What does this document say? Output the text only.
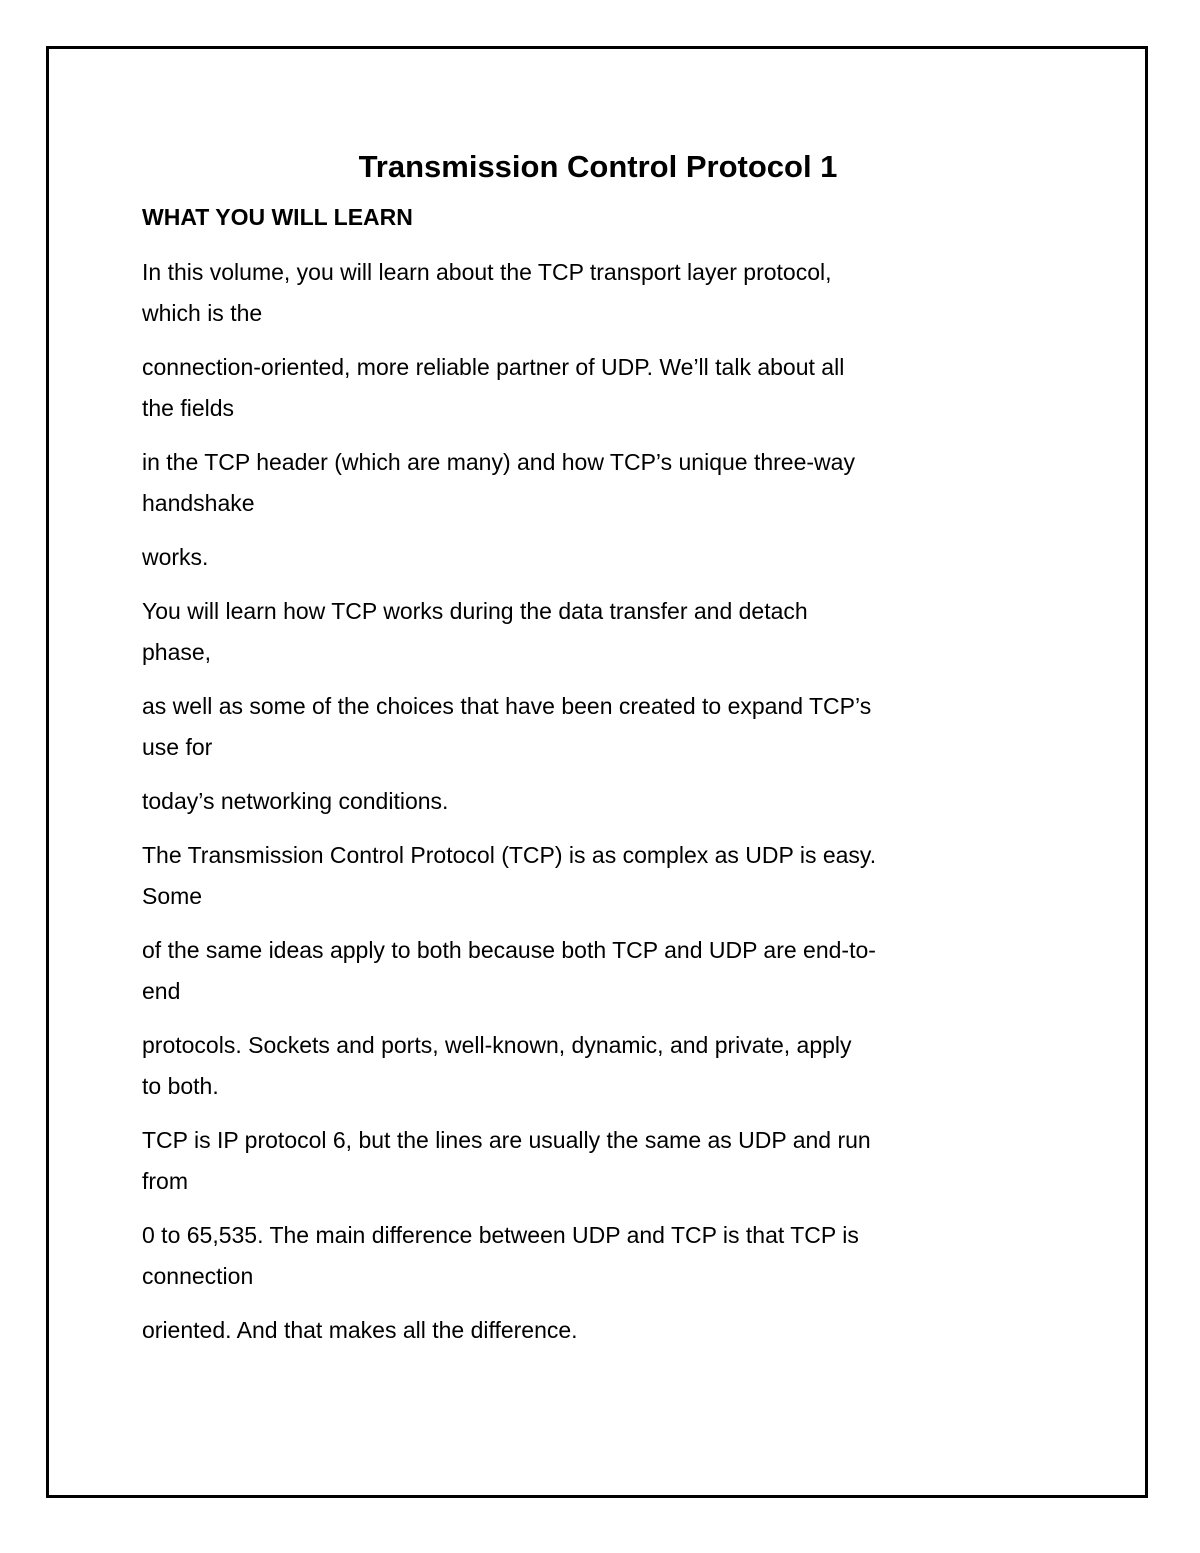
Transmission Control Protocol 1
WHAT YOU WILL LEARN
In this volume, you will learn about the TCP transport layer protocol,
which is the
connection-oriented, more reliable partner of UDP. We’ll talk about all
the fields
in the TCP header (which are many) and how TCP’s unique three-way
handshake
works.
You will learn how TCP works during the data transfer and detach
phase,
as well as some of the choices that have been created to expand TCP’s
use for
today’s networking conditions.
The Transmission Control Protocol (TCP) is as complex as UDP is easy.
Some
of the same ideas apply to both because both TCP and UDP are end-to-
end
protocols. Sockets and ports, well-known, dynamic, and private, apply
to both.
TCP is IP protocol 6, but the lines are usually the same as UDP and run
from
0 to 65,535. The main difference between UDP and TCP is that TCP is
connection
oriented. And that makes all the difference.
